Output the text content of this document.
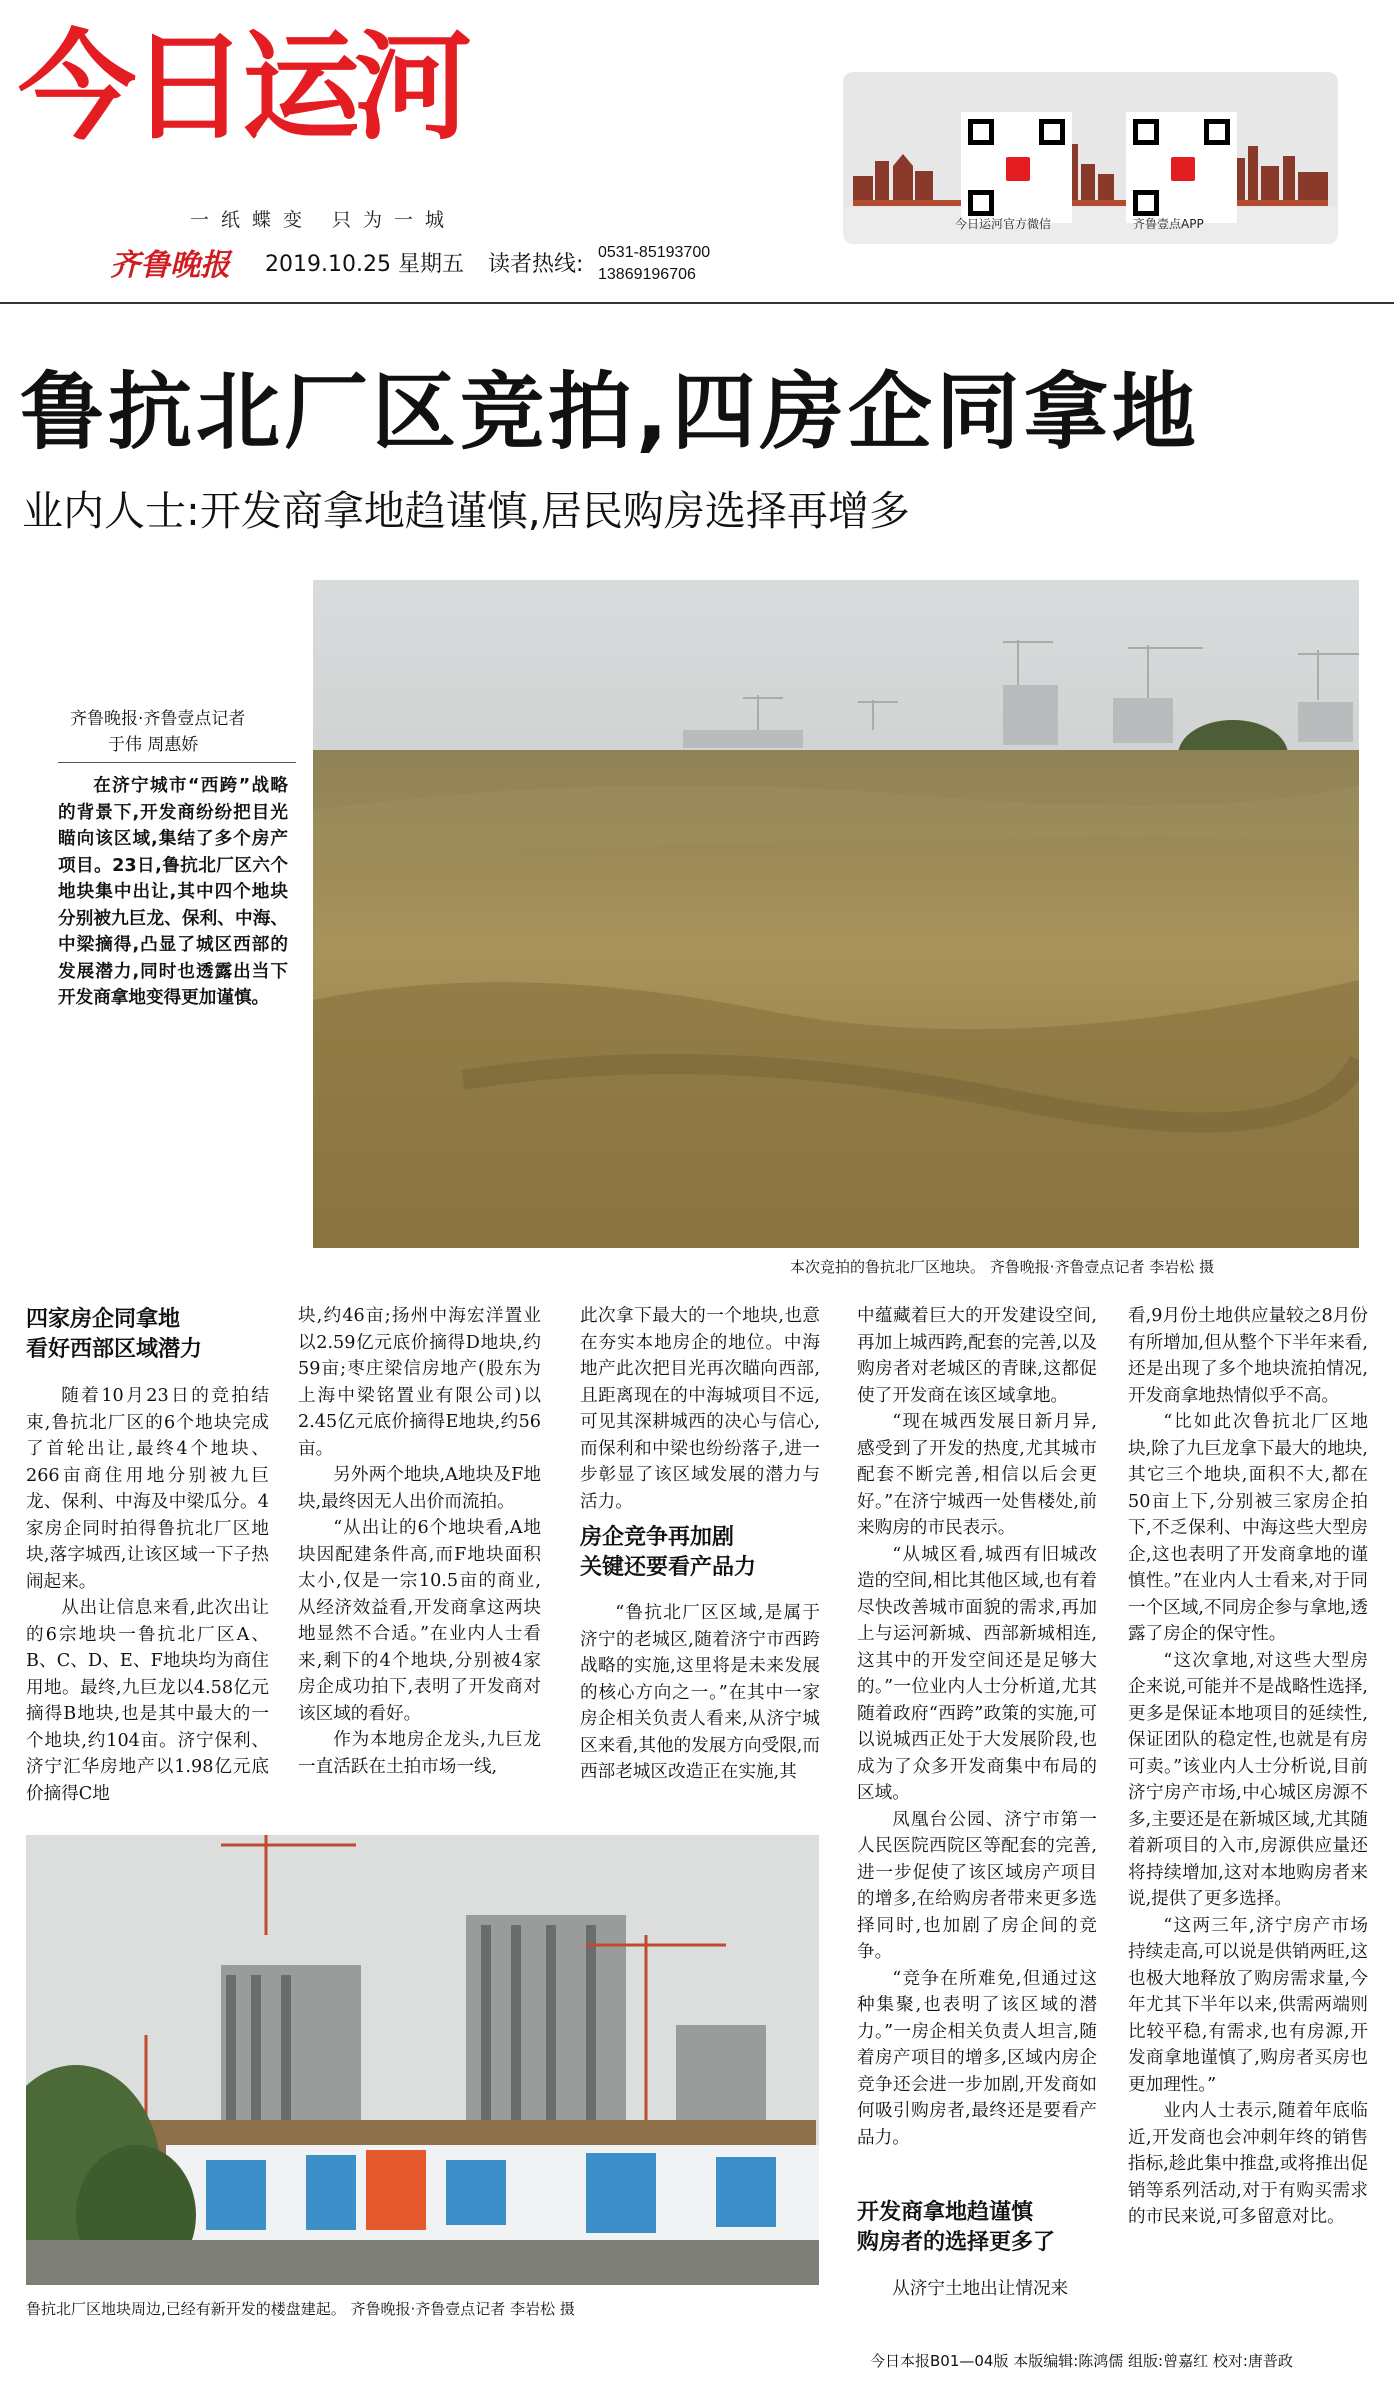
今日运河
一纸蝶变 只为一城
齐鲁晚报 2019.10.25 星期五 读者热线: 0531-85193700
13869196706
今日运河官方微信	齐鲁壹点APP
鲁抗北厂区竞拍,四房企同拿地
业内人士:开发商拿地趋谨慎,居民购房选择再增多
本次竞拍的鲁抗北厂区地块。 齐鲁晚报·齐鲁壹点记者 李岩松 摄
齐鲁晚报·齐鲁壹点记者
于伟 周惠娇

在济宁城市“西跨”战略的背景下,开发商纷纷把目光瞄向该区域,集结了多个房产项目。23日,鲁抗北厂区六个地块集中出让,其中四个地块分别被九巨龙、保利、中海、中梁摘得,凸显了城区西部的发展潜力,同时也透露出当下开发商拿地变得更加谨慎。

四家房企同拿地
看好西部区域潜力

随着10月23日的竞拍结束,鲁抗北厂区的6个地块完成了首轮出让,最终4个地块、266亩商住用地分别被九巨龙、保利、中海及中梁瓜分。4家房企同时拍得鲁抗北厂区地块,落字城西,让该区域一下子热闹起来。

从出让信息来看,此次出让的6宗地块一鲁抗北厂区A、B、C、D、E、F地块均为商住用地。最终,九巨龙以4.58亿元摘得B地块,也是其中最大的一个地块,约104亩。济宁保利、济宁汇华房地产以1.98亿元底价摘得C地

块,约46亩;扬州中海宏洋置业以2.59亿元底价摘得D地块,约59亩;枣庄梁信房地产(股东为上海中梁铭置业有限公司)以2.45亿元底价摘得E地块,约56亩。

另外两个地块,A地块及F地块,最终因无人出价而流拍。

“从出让的6个地块看,A地块因配建条件高,而F地块面积太小,仅是一宗10.5亩的商业,从经济效益看,开发商拿这两块地显然不合适。”在业内人士看来,剩下的4个地块,分别被4家房企成功拍下,表明了开发商对该区域的看好。

作为本地房企龙头,九巨龙一直活跃在土拍市场一线,

此次拿下最大的一个地块,也意在夯实本地房企的地位。中海地产此次把目光再次瞄向西部,且距离现在的中海城项目不远,可见其深耕城西的决心与信心,而保利和中梁也纷纷落子,进一步彰显了该区域发展的潜力与活力。

房企竞争再加剧
关键还要看产品力

“鲁抗北厂区区域,是属于济宁的老城区,随着济宁市西跨战略的实施,这里将是未来发展的核心方向之一。”在其中一家房企相关负责人看来,从济宁城区来看,其他的发展方向受限,而西部老城区改造正在实施,其

中蕴藏着巨大的开发建设空间,再加上城西跨,配套的完善,以及购房者对老城区的青睐,这都促使了开发商在该区域拿地。

“现在城西发展日新月异,感受到了开发的热度,尤其城市配套不断完善,相信以后会更好。”在济宁城西一处售楼处,前来购房的市民表示。

“从城区看,城西有旧城改造的空间,相比其他区域,也有着尽快改善城市面貌的需求,再加上与运河新城、西部新城相连,这其中的开发空间还是足够大的。”一位业内人士分析道,尤其随着政府“西跨”政策的实施,可以说城西正处于大发展阶段,也成为了众多开发商集中布局的区域。

凤凰台公园、济宁市第一人民医院西院区等配套的完善,进一步促使了该区域房产项目的增多,在给购房者带来更多选择同时,也加剧了房企间的竞争。

“竞争在所难免,但通过这种集聚,也表明了该区域的潜力。”一房企相关负责人坦言,随着房产项目的增多,区域内房企竞争还会进一步加剧,开发商如何吸引购房者,最终还是要看产品力。

开发商拿地趋谨慎
购房者的选择更多了

从济宁土地出让情况来

看,9月份土地供应量较之8月份有所增加,但从整个下半年来看,还是出现了多个地块流拍情况,开发商拿地热情似乎不高。

“比如此次鲁抗北厂区地块,除了九巨龙拿下最大的地块,其它三个地块,面积不大,都在50亩上下,分别被三家房企拍下,不乏保利、中海这些大型房企,这也表明了开发商拿地的谨慎性。”在业内人士看来,对于同一个区域,不同房企参与拿地,透露了房企的保守性。

“这次拿地,对这些大型房企来说,可能并不是战略性选择,更多是保证本地项目的延续性,保证团队的稳定性,也就是有房可卖。”该业内人士分析说,目前济宁房产市场,中心城区房源不多,主要还是在新城区域,尤其随着新项目的入市,房源供应量还将持续增加,这对本地购房者来说,提供了更多选择。

“这两三年,济宁房产市场持续走高,可以说是供销两旺,这也极大地释放了购房需求量,今年尤其下半年以来,供需两端则比较平稳,有需求,也有房源,开发商拿地谨慎了,购房者买房也更加理性。”

业内人士表示,随着年底临近,开发商也会冲刺年终的销售指标,趁此集中推盘,或将推出促销等系列活动,对于有购买需求的市民来说,可多留意对比。

鲁抗北厂区地块周边,已经有新开发的楼盘建起。 齐鲁晚报·齐鲁壹点记者 李岩松 摄
今日本报B01—04版 本版编辑:陈鸿儒 组版:曾嘉红 校对:唐普政
